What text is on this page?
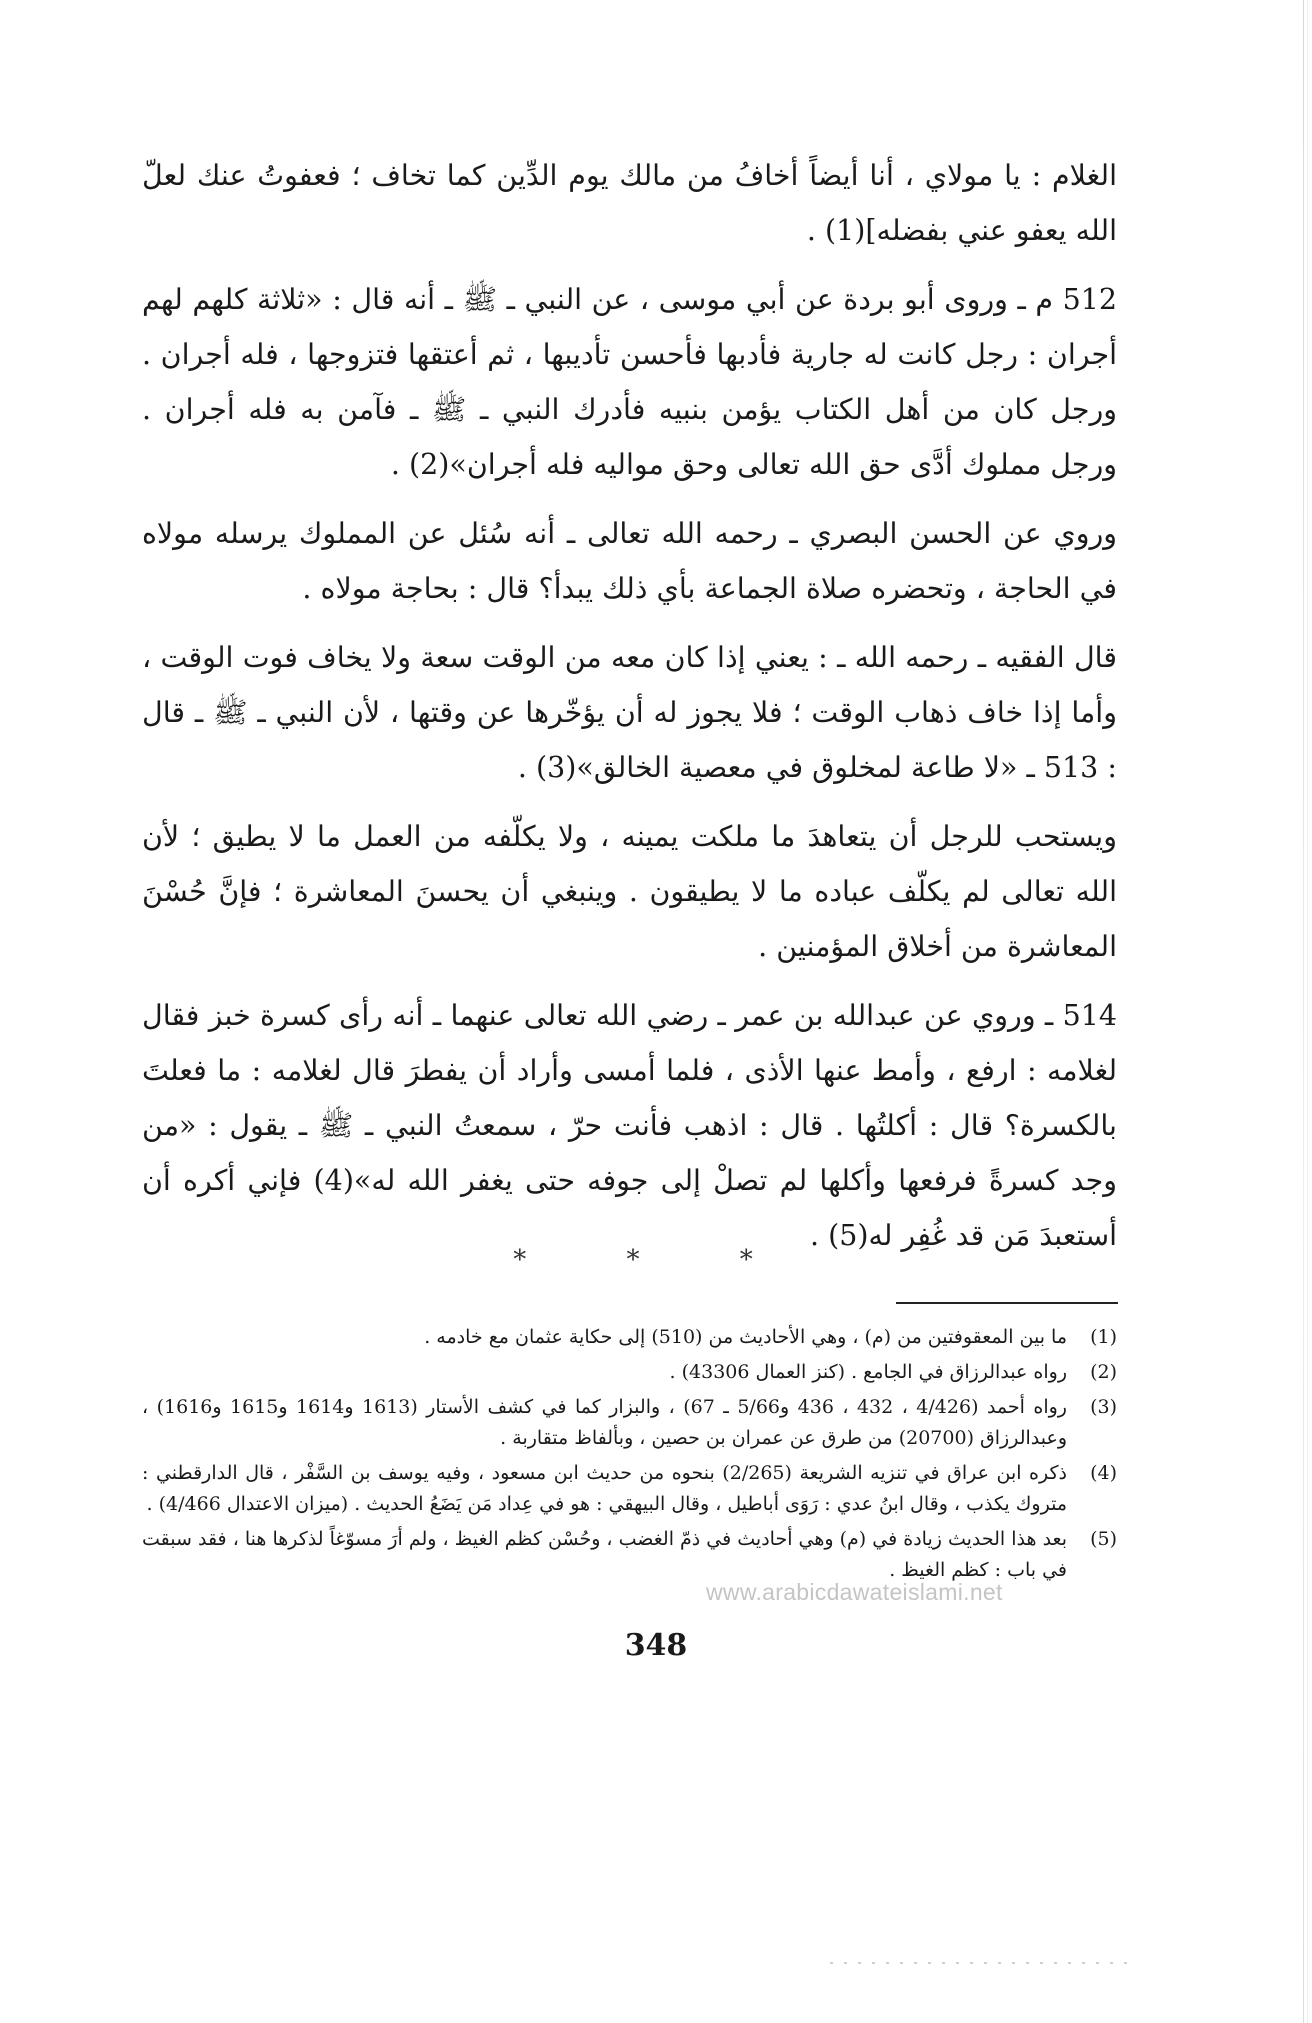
الغلام : يا مولاي ، أنا أيضاً أخافُ من مالك يوم الدِّين كما تخاف ؛ فعفوتُ عنك لعلّ الله يعفو عني بفضله](1) .

512 م ـ وروى أبو بردة عن أبي موسى ، عن النبي ـ ﷺ ـ أنه قال : «ثلاثة كلهم لهم أجران : رجل كانت له جارية فأدبها فأحسن تأديبها ، ثم أعتقها فتزوجها ، فله أجران . ورجل كان من أهل الكتاب يؤمن بنبيه فأدرك النبي ـ ﷺ ـ فآمن به فله أجران . ورجل مملوك أدَّى حق الله تعالى وحق مواليه فله أجران»(2) .

وروي عن الحسن البصري ـ رحمه الله تعالى ـ أنه سُئل عن المملوك يرسله مولاه في الحاجة ، وتحضره صلاة الجماعة بأي ذلك يبدأ؟ قال : بحاجة مولاه .

قال الفقيه ـ رحمه الله ـ : يعني إذا كان معه من الوقت سعة ولا يخاف فوت الوقت ، وأما إذا خاف ذهاب الوقت ؛ فلا يجوز له أن يؤخّرها عن وقتها ، لأن النبي ـ ﷺ ـ قال : 513 ـ «لا طاعة لمخلوق في معصية الخالق»(3) .

ويستحب للرجل أن يتعاهدَ ما ملكت يمينه ، ولا يكلّفه من العمل ما لا يطيق ؛ لأن الله تعالى لم يكلّف عباده ما لا يطيقون . وينبغي أن يحسنَ المعاشرة ؛ فإنَّ حُسْنَ المعاشرة من أخلاق المؤمنين .

514 ـ وروي عن عبدالله بن عمر ـ رضي الله تعالى عنهما ـ أنه رأى كسرة خبز فقال لغلامه : ارفع ، وأمط عنها الأذى ، فلما أمسى وأراد أن يفطرَ قال لغلامه : ما فعلتَ بالكسرة؟ قال : أكلتُها . قال : اذهب فأنت حرّ ، سمعتُ النبي ـ ﷺ ـ يقول : «من وجد كسرةً فرفعها وأكلها لم تصلْ إلى جوفه حتى يغفر الله له»(4) فإني أكره أن أستعبدَ مَن قد غُفِر له(5) .

* * *
(1)
ما بين المعقوفتين من (م) ، وهي الأحاديث من (510) إلى حكاية عثمان مع خادمه .
(2)
رواه عبدالرزاق في الجامع . (كنز العمال 43306) .
(3)
رواه أحمد (4/426 ، 432 ، 436 و5/66 ـ 67) ، والبزار كما في كشف الأستار (1613 و1614 و1615 و1616) ، وعبدالرزاق (20700) من طرق عن عمران بن حصين ، وبألفاظ متقاربة .
(4)
ذكره ابن عراق في تنزيه الشريعة (2/265) بنحوه من حديث ابن مسعود ، وفيه يوسف بن السَّفْر ، قال الدارقطني : متروك يكذب ، وقال ابنُ عدي : رَوَى أباطيل ، وقال البيهقي : هو في عِداد مَن يَضَعُ الحديث . (ميزان الاعتدال 4/466) .
(5)
بعد هذا الحديث زيادة في (م) وهي أحاديث في ذمّ الغضب ، وحُسْن كظم الغيظ ، ولم أرَ مسوّغاً لذكرها هنا ، فقد سبقت في باب : كظم الغيظ .
www.arabicdawateislami.net
348
